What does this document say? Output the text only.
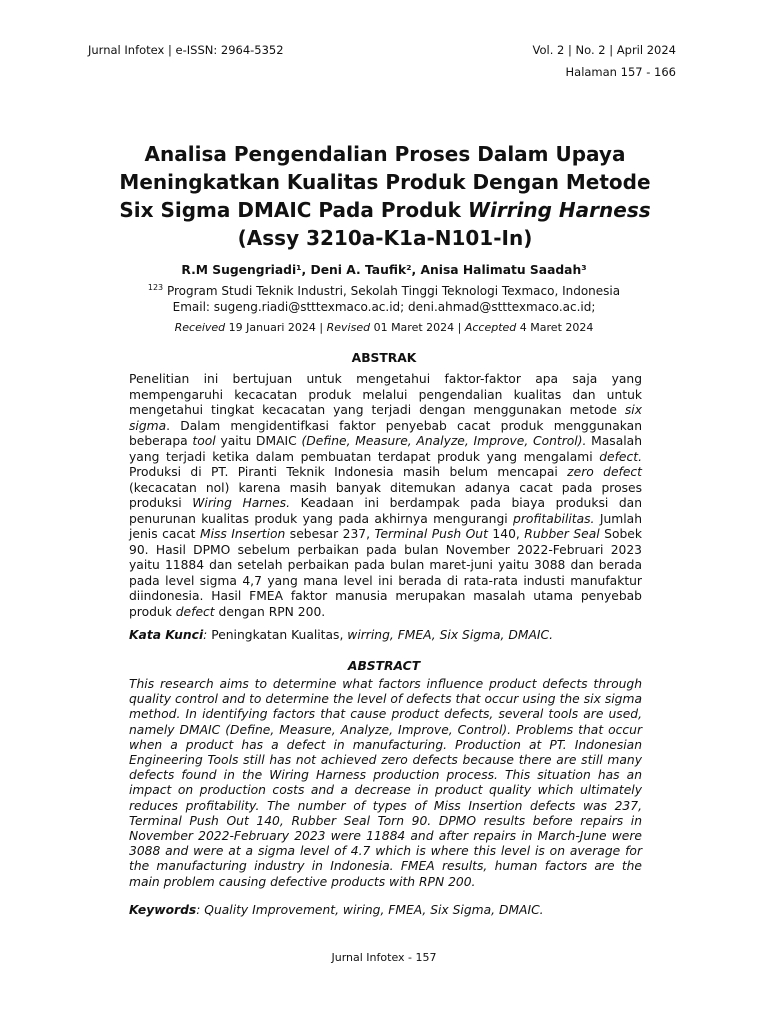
Jurnal Infotex | e-ISSN: 2964-5352	Vol. 2 | No. 2 | April 2024
Halaman 157 - 166
Analisa Pengendalian Proses Dalam Upaya
Meningkatkan Kualitas Produk Dengan Metode
Six Sigma DMAIC Pada Produk Wirring Harness
(Assy 3210a-K1a-N101-In)
R.M Sugengriadi¹, Deni A. Taufik², Anisa Halimatu Saadah³
$^{123}$ Program Studi Teknik Industri, Sekolah Tinggi Teknologi Texmaco, Indonesia
Email: sugeng.riadi@stttexmaco.ac.id; deni.ahmad@stttexmaco.ac.id;
Received 19 Januari 2024 | Revised 01 Maret 2024 | Accepted 4 Maret 2024
ABSTRAK
Penelitian ini bertujuan untuk mengetahui faktor-faktor apa saja yang mempengaruhi kecacatan produk melalui pengendalian kualitas dan untuk mengetahui tingkat kecacatan yang terjadi dengan menggunakan metode six sigma. Dalam mengidentifkasi faktor penyebab cacat produk menggunakan beberapa tool yaitu DMAIC (Define, Measure, Analyze, Improve, Control). Masalah yang terjadi ketika dalam pembuatan terdapat produk yang mengalami defect. Produksi di PT. Piranti Teknik Indonesia masih belum mencapai zero defect (kecacatan nol) karena masih banyak ditemukan adanya cacat pada proses produksi Wiring Harnes. Keadaan ini berdampak pada biaya produksi dan penurunan kualitas produk yang pada akhirnya mengurangi profitabilitas. Jumlah jenis cacat Miss Insertion sebesar 237, Terminal Push Out 140, Rubber Seal Sobek 90. Hasil DPMO sebelum perbaikan pada bulan November 2022-Februari 2023 yaitu 11884 dan setelah perbaikan pada bulan maret-juni yaitu 3088 dan berada pada level sigma 4,7 yang mana level ini berada di rata-rata industi manufaktur diindonesia. Hasil FMEA faktor manusia merupakan masalah utama penyebab produk defect dengan RPN 200.
Kata Kunci: Peningkatan Kualitas, wirring, FMEA, Six Sigma, DMAIC.
ABSTRACT
This research aims to determine what factors influence product defects through quality control and to determine the level of defects that occur using the six sigma method. In identifying factors that cause product defects, several tools are used, namely DMAIC (Define, Measure, Analyze, Improve, Control). Problems that occur when a product has a defect in manufacturing. Production at PT. Indonesian Engineering Tools still has not achieved zero defects because there are still many defects found in the Wiring Harness production process. This situation has an impact on production costs and a decrease in product quality which ultimately reduces profitability. The number of types of Miss Insertion defects was 237, Terminal Push Out 140, Rubber Seal Torn 90. DPMO results before repairs in November 2022-February 2023 were 11884 and after repairs in March-June were 3088 and were at a sigma level of 4.7 which is where this level is on average for the manufacturing industry in Indonesia. FMEA results, human factors are the main problem causing defective products with RPN 200.
Keywords: Quality Improvement, wiring, FMEA, Six Sigma, DMAIC.
Jurnal Infotex - 157
